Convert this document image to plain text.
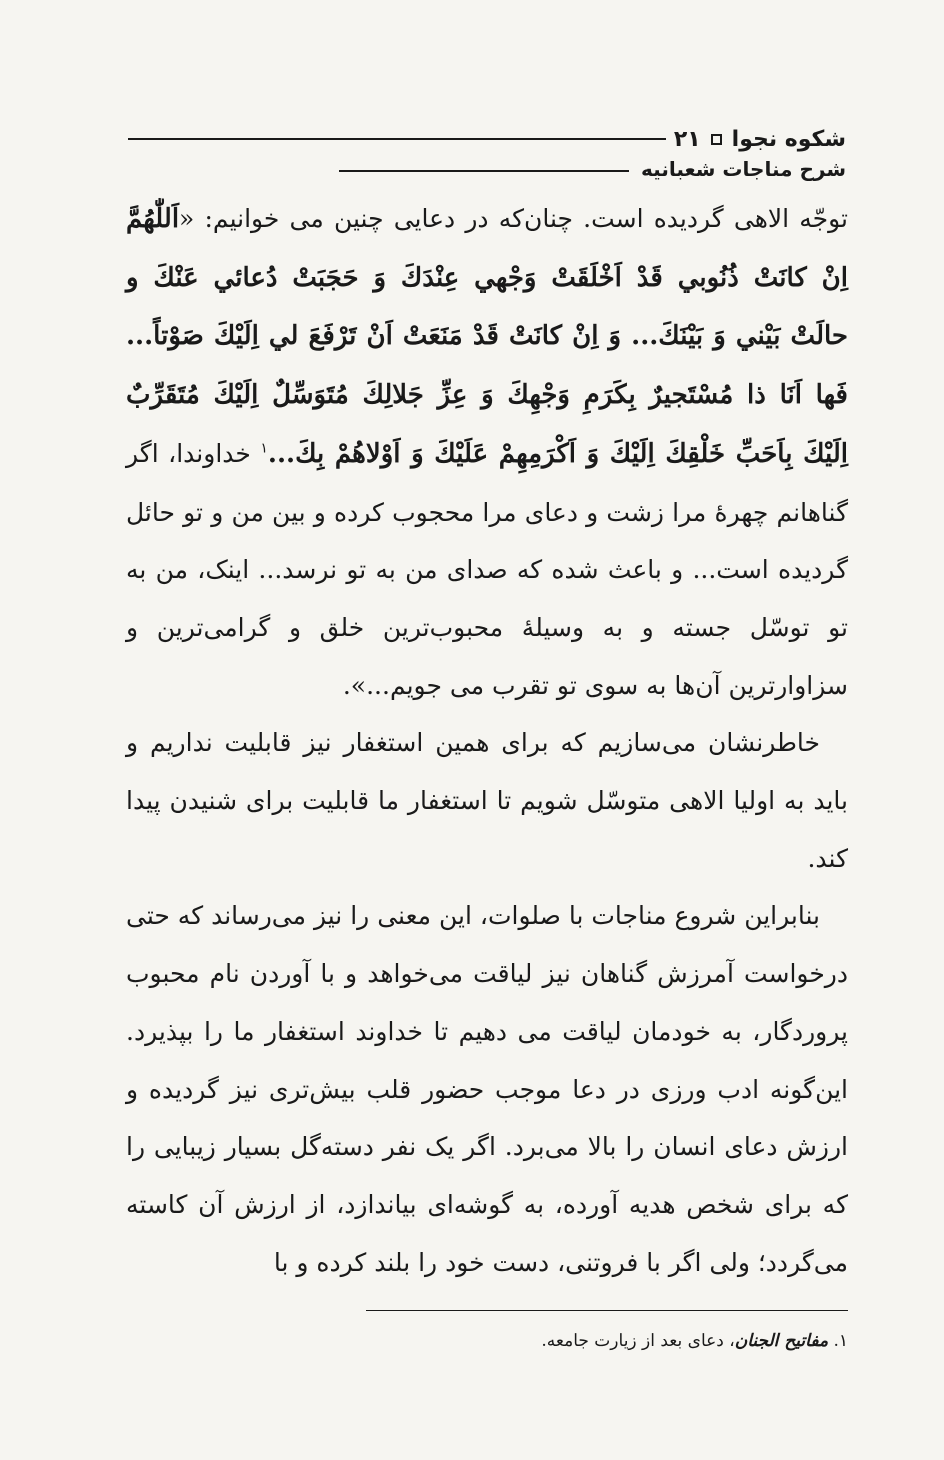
شکوه نجوا
۲۱
شرح مناجات شعبانیه

توجّه الاهی گردیده است. چنان‌که در دعایی چنین می خوانیم: «اَللّٰهُمَّ اِنْ كانَتْ ذُنُوبي قَدْ اَخْلَقَتْ وَجْهي عِنْدَكَ وَ حَجَبَتْ دُعائي عَنْكَ و حالَتْ بَيْني وَ بَيْنَكَ... وَ اِنْ كانَتْ قَدْ مَنَعَتْ اَنْ تَرْفَعَ لي اِلَيْكَ صَوْتاً... فَها اَنَا ذا مُسْتَجيرٌ بِكَرَمِ وَجْهِكَ وَ عِزِّ جَلالِكَ مُتَوَسِّلٌ اِلَيْكَ مُتَقَرِّبٌ اِلَيْكَ بِاَحَبِّ خَلْقِكَ اِلَيْكَ وَ اَكْرَمِهِمْ عَلَيْكَ وَ اَوْلاهُمْ بِكَ...$^۱$ خداوندا، اگر گناهانم چهرهٔ مرا زشت و دعای مرا محجوب کرده و بین من و تو حائل گردیده است... و باعث شده که صدای من به تو نرسد... اینک، من به تو توسّل جسته و به وسیلهٔ محبوب‌ترین خلق و گرامی‌ترین و سزاوارترین آن‌ها به سوی تو تقرب می جویم...».

خاطرنشان می‌سازیم که برای همین استغفار نیز قابلیت نداریم و باید به اولیا الاهی متوسّل شویم تا استغفار ما قابلیت برای شنیدن پیدا کند.

بنابراین شروع مناجات با صلوات، این معنی را نیز می‌رساند که حتی درخواست آمرزش گناهان نیز لیاقت می‌خواهد و با آوردن نام محبوب پروردگار، به خودمان لیاقت می دهیم تا خداوند استغفار ما را بپذیرد. این‌گونه ادب ورزی در دعا موجب حضور قلب بیش‌تری نیز گردیده و ارزش دعای انسان را بالا می‌برد. اگر یک نفر دسته‌گل بسیار زیبایی را که برای شخص هدیه آورده، به گوشه‌ای بیاندازد، از ارزش آن کاسته می‌گردد؛ ولی اگر با فروتنی، دست خود را بلند کرده و با

۱. مفاتیح الجنان، دعای بعد از زیارت جامعه.
